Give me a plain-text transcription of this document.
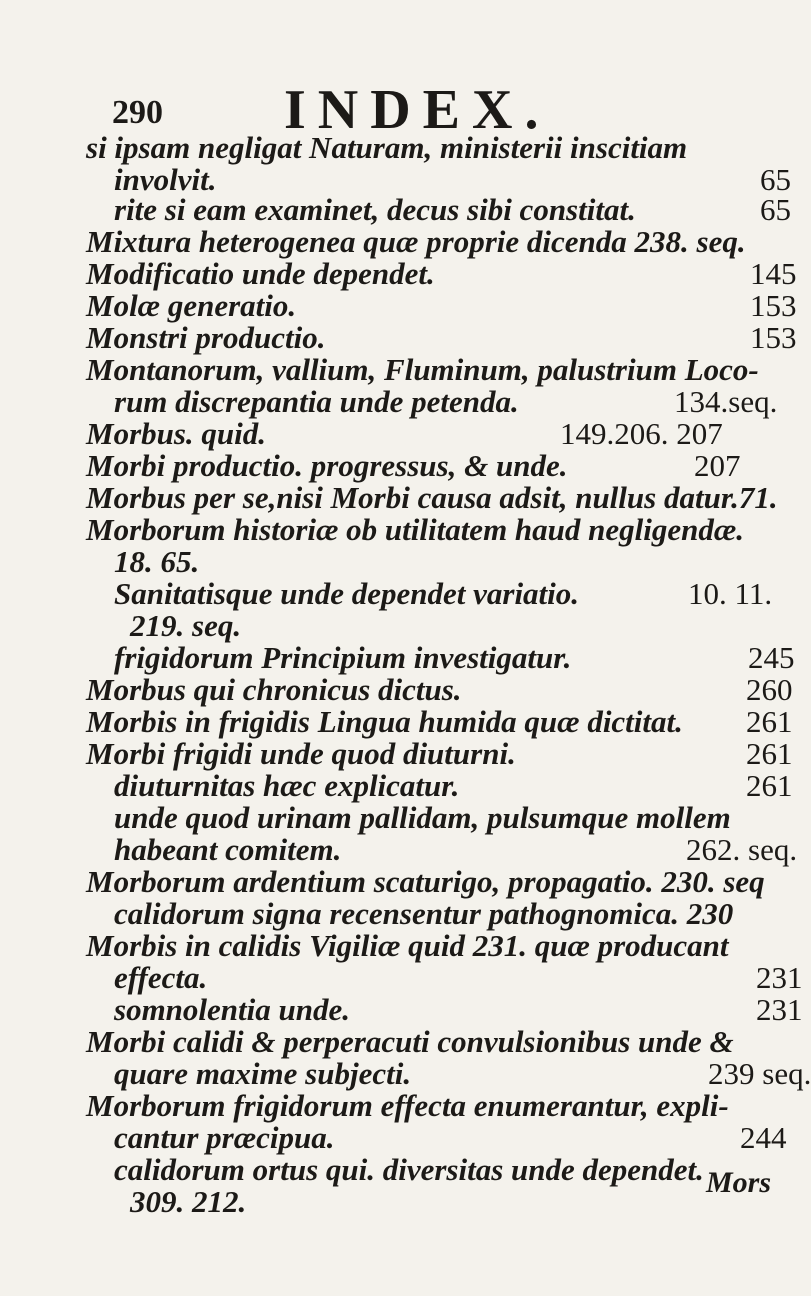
290 INDEX.
si ipsam negligat Naturam, ministerii inscitiam
involvit.	65
rite si eam examinet, decus sibi constitat.	65
Mixtura heterogenea quæ proprie dicenda 238. seq.
Modificatio unde dependet.	145
Molæ generatio.	153
Monstri productio.	153
Montanorum, vallium, Fluminum, palustrium Loco-
rum discrepantia unde petenda.	134.seq.
Morbus. quid.	149.206. 207
Morbi productio. progressus, & unde.	207
Morbus per se,nisi Morbi causa adsit, nullus datur.71.
Morborum historiæ ob utilitatem haud negligendæ.
18. 65.
Sanitatisque unde dependet variatio.	10. 11.
219. seq.
frigidorum Principium investigatur.	245
Morbus qui chronicus dictus.	260
Morbis in frigidis Lingua humida quæ dictitat. 261
Morbi frigidi unde quod diuturni.	261
diuturnitas hæc explicatur.	261
unde quod urinam pallidam, pulsumque mollem
habeant comitem.	262. seq.
Morborum ardentium scaturigo, propagatio. 230. seq
calidorum signa recensentur pathognomica. 230
Morbis in calidis Vigiliæ quid 231. quæ producant
effecta.	231
somnolentia unde.	231
Morbi calidi & perperacuti convulsionibus unde &
quare maxime subjecti.	239 seq.
Morborum frigidorum effecta enumerantur, expli-
cantur præcipua.	244
calidorum ortus qui. diversitas unde dependet.
309. 212.
Mors
